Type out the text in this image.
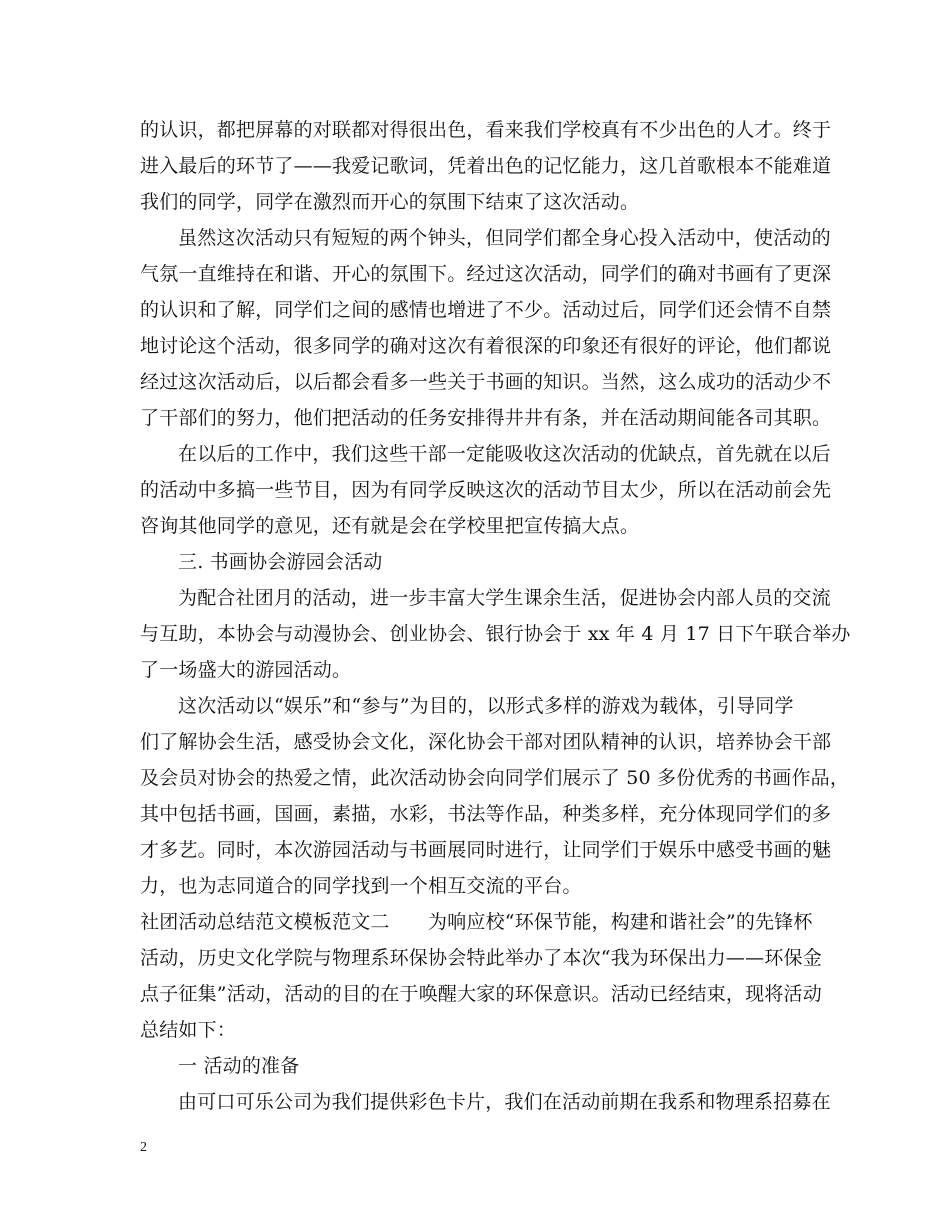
的认识，都把屏幕的对联都对得很出色，看来我们学校真有不少出色的人才。终于
进入最后的环节了——我爱记歌词，凭着出色的记忆能力，这几首歌根本不能难道
我们的同学，同学在激烈而开心的氛围下结束了这次活动。
虽然这次活动只有短短的两个钟头，但同学们都全身心投入活动中，使活动的
气氛一直维持在和谐、开心的氛围下。经过这次活动，同学们的确对书画有了更深
的认识和了解，同学们之间的感情也增进了不少。活动过后，同学们还会情不自禁
地讨论这个活动，很多同学的确对这次有着很深的印象还有很好的评论，他们都说
经过这次活动后，以后都会看多一些关于书画的知识。当然，这么成功的活动少不
了干部们的努力，他们把活动的任务安排得井井有条，并在活动期间能各司其职。
在以后的工作中，我们这些干部一定能吸收这次活动的优缺点，首先就在以后
的活动中多搞一些节目，因为有同学反映这次的活动节目太少，所以在活动前会先
咨询其他同学的意见，还有就是会在学校里把宣传搞大点。
三. 书画协会游园会活动
为配合社团月的活动，进一步丰富大学生课余生活，促进协会内部人员的交流
与互助，本协会与动漫协会、创业协会、银行协会于 xx 年 4 月 17 日下午联合举办
了一场盛大的游园活动。
这次活动以“娱乐”和“参与”为目的，以形式多样的游戏为载体，引导同学
们了解协会生活，感受协会文化，深化协会干部对团队精神的认识，培养协会干部
及会员对协会的热爱之情，此次活动协会向同学们展示了 50 多份优秀的书画作品，
其中包括书画，国画，素描，水彩，书法等作品，种类多样，充分体现同学们的多
才多艺。同时，本次游园活动与书画展同时进行，让同学们于娱乐中感受书画的魅
力，也为志同道合的同学找到一个相互交流的平台。
社团活动总结范文模板范文二　　为响应校“环保节能，构建和谐社会”的先锋杯
活动，历史文化学院与物理系环保协会特此举办了本次“我为环保出力——环保金
点子征集”活动，活动的目的在于唤醒大家的环保意识。活动已经结束，现将活动
总结如下：
一 活动的准备
由可口可乐公司为我们提供彩色卡片，我们在活动前期在我系和物理系招募在
2
